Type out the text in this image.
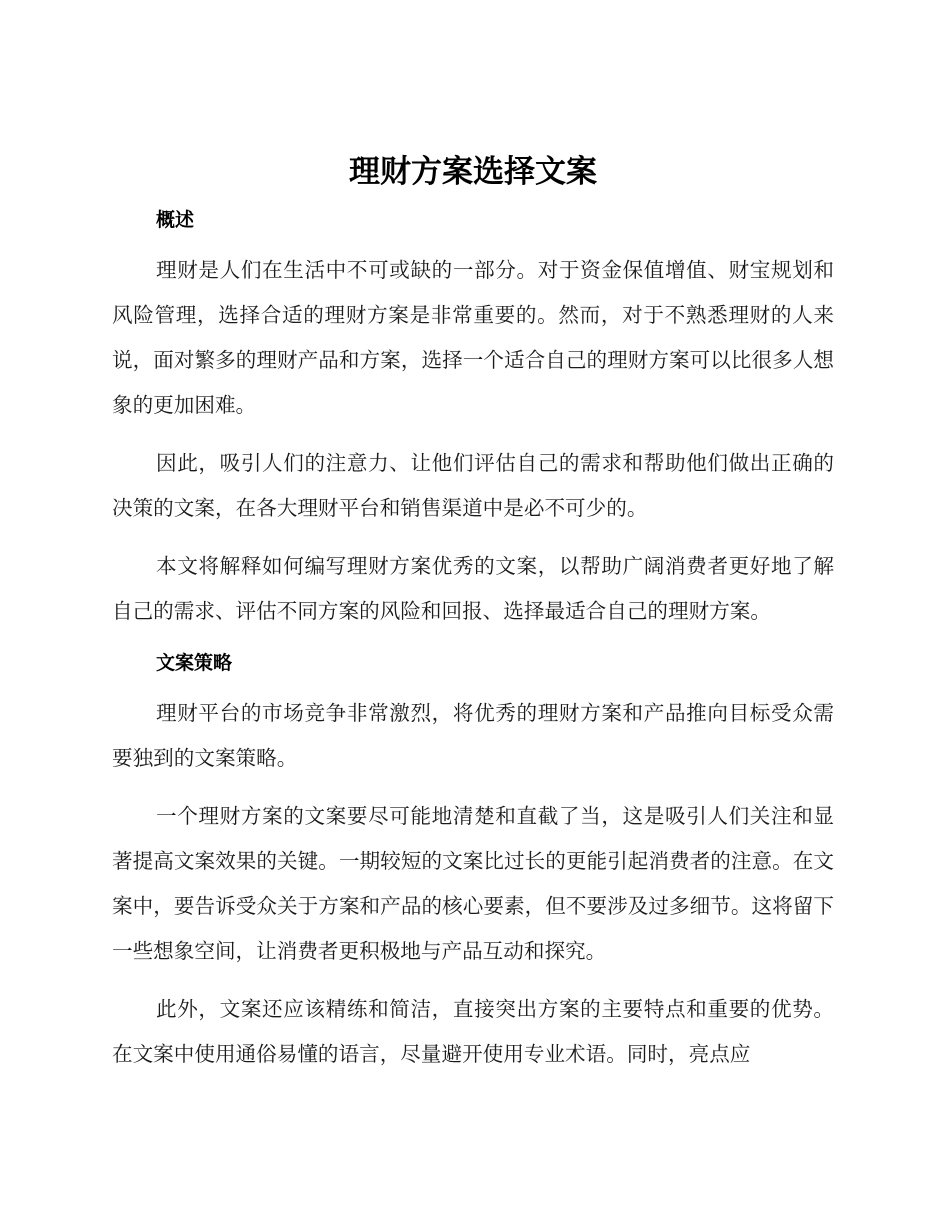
理财方案选择文案
概述

理财是人们在生活中不可或缺的一部分。对于资金保值增值、财宝规划和风险管理，选择合适的理财方案是非常重要的。然而，对于不熟悉理财的人来说，面对繁多的理财产品和方案，选择一个适合自己的理财方案可以比很多人想象的更加困难。

因此，吸引人们的注意力、让他们评估自己的需求和帮助他们做出正确的决策的文案，在各大理财平台和销售渠道中是必不可少的。

本文将解释如何编写理财方案优秀的文案，以帮助广阔消费者更好地了解自己的需求、评估不同方案的风险和回报、选择最适合自己的理财方案。

文案策略

理财平台的市场竞争非常激烈，将优秀的理财方案和产品推向目标受众需要独到的文案策略。

一个理财方案的文案要尽可能地清楚和直截了当，这是吸引人们关注和显著提高文案效果的关键。一期较短的文案比过长的更能引起消费者的注意。在文案中，要告诉受众关于方案和产品的核心要素，但不要涉及过多细节。这将留下一些想象空间，让消费者更积极地与产品互动和探究。

此外，文案还应该精练和简洁，直接突出方案的主要特点和重要的优势。在文案中使用通俗易懂的语言，尽量避开使用专业术语。同时，亮点应
